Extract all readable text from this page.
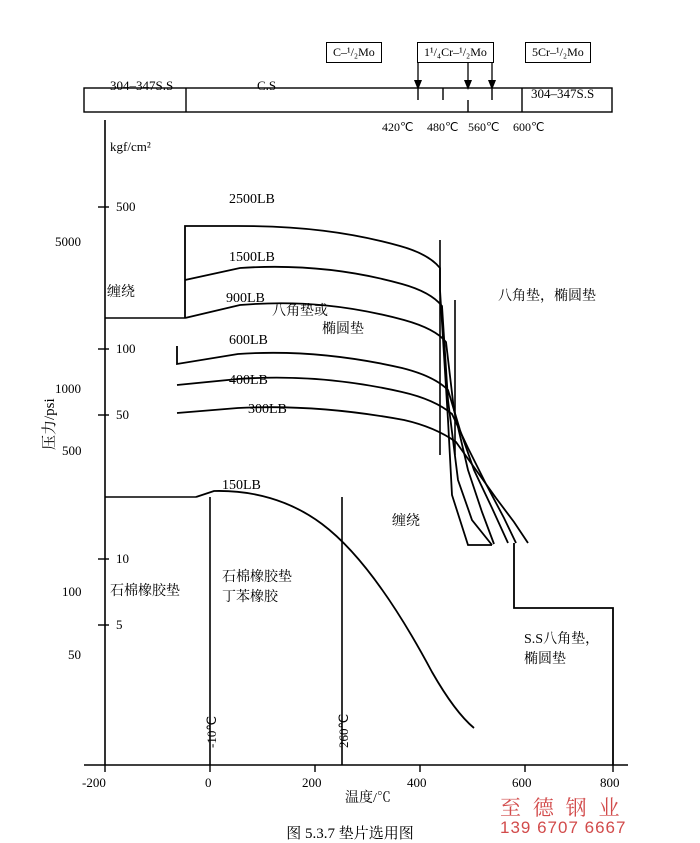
C–¹/₂Mo	1¹/₄Cr–¹/₂Mo	5Cr–¹/₂Mo
304–347S.S	C.S
304–347S.S
420℃ 480℃ 560℃ 600℃
kgf/cm²
压力/psi
500
100
50
10
5
5000
1000
500
100
50
-200	0	200	400	600	800
温度/℃
2500LB
1500LB
900LB
600LB
400LB
300LB
150LB
缠绕
八角垫或
椭圆垫
八角垫，椭圆垫
缠绕
石棉橡胶垫
石棉橡胶垫
丁苯橡胶
S.S八角垫，
椭圆垫
-10℃	260℃
至 德 钢 业
139 6707 6667
图 5.3.7 垫片选用图
